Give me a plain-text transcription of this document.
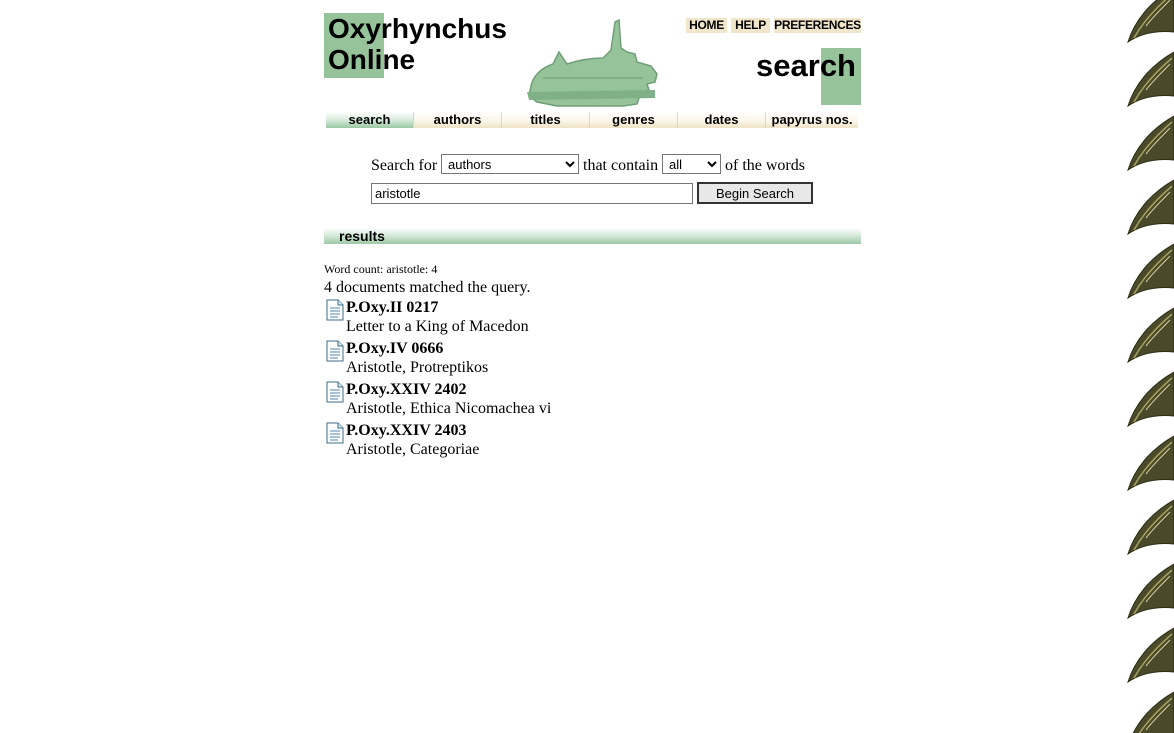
Oxyrhynchus
Online
HOME HELP PREFERENCES
search
search	authors	titles	genres	dates	papyrus nos.
Search for
authors	that contain
all	of the words
aristotle
Begin Search
results
Word count: aristotle: 4
4 documents matched the query.
P.Oxy.II 0217
Letter to a King of Macedon
P.Oxy.IV 0666
Aristotle, Protreptikos
P.Oxy.XXIV 2402
Aristotle, Ethica Nicomachea vi
P.Oxy.XXIV 2403
Aristotle, Categoriae
